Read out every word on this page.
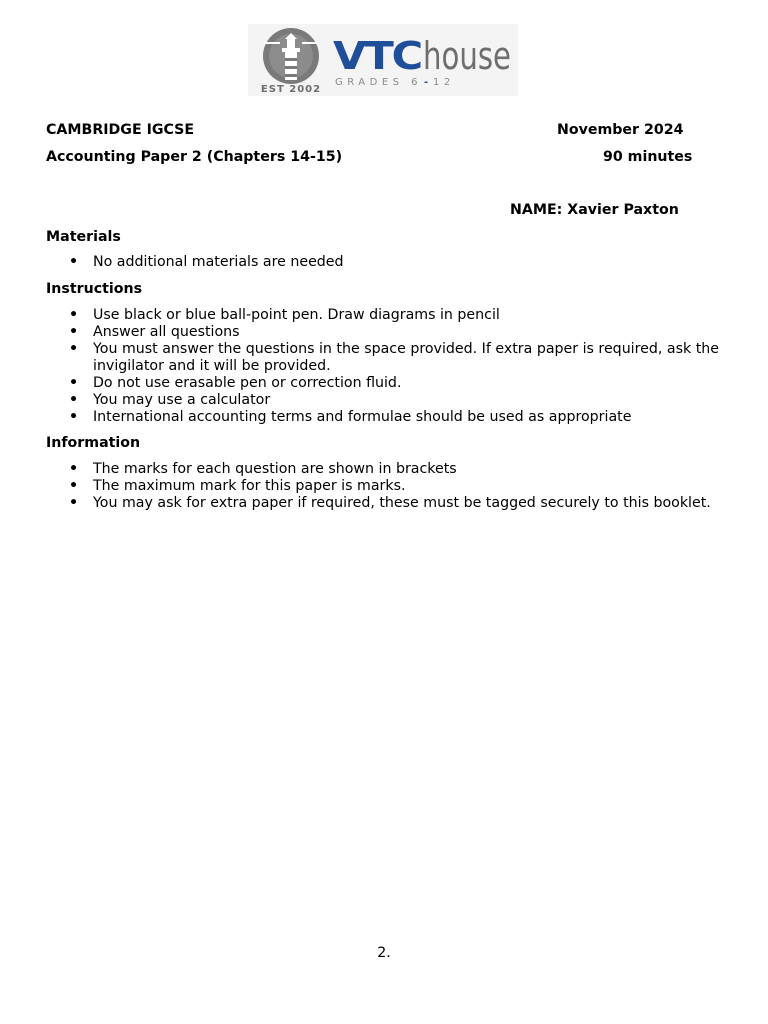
EST 2002
VTC house
GRADES 6 - 12
CAMBRIDGE IGCSE	November 2024
Accounting Paper 2 (Chapters 14-15)	90 minutes
NAME: Xavier Paxton
Materials
• No additional materials are needed
Instructions
• Use black or blue ball-point pen. Draw diagrams in pencil
• Answer all questions
• You must answer the questions in the space provided. If extra paper is required, ask the invigilator and it will be provided.
• Do not use erasable pen or correction fluid.
• You may use a calculator
• International accounting terms and formulae should be used as appropriate
Information
• The marks for each question are shown in brackets
• The maximum mark for this paper is marks.
• You may ask for extra paper if required, these must be tagged securely to this booklet.
2.
